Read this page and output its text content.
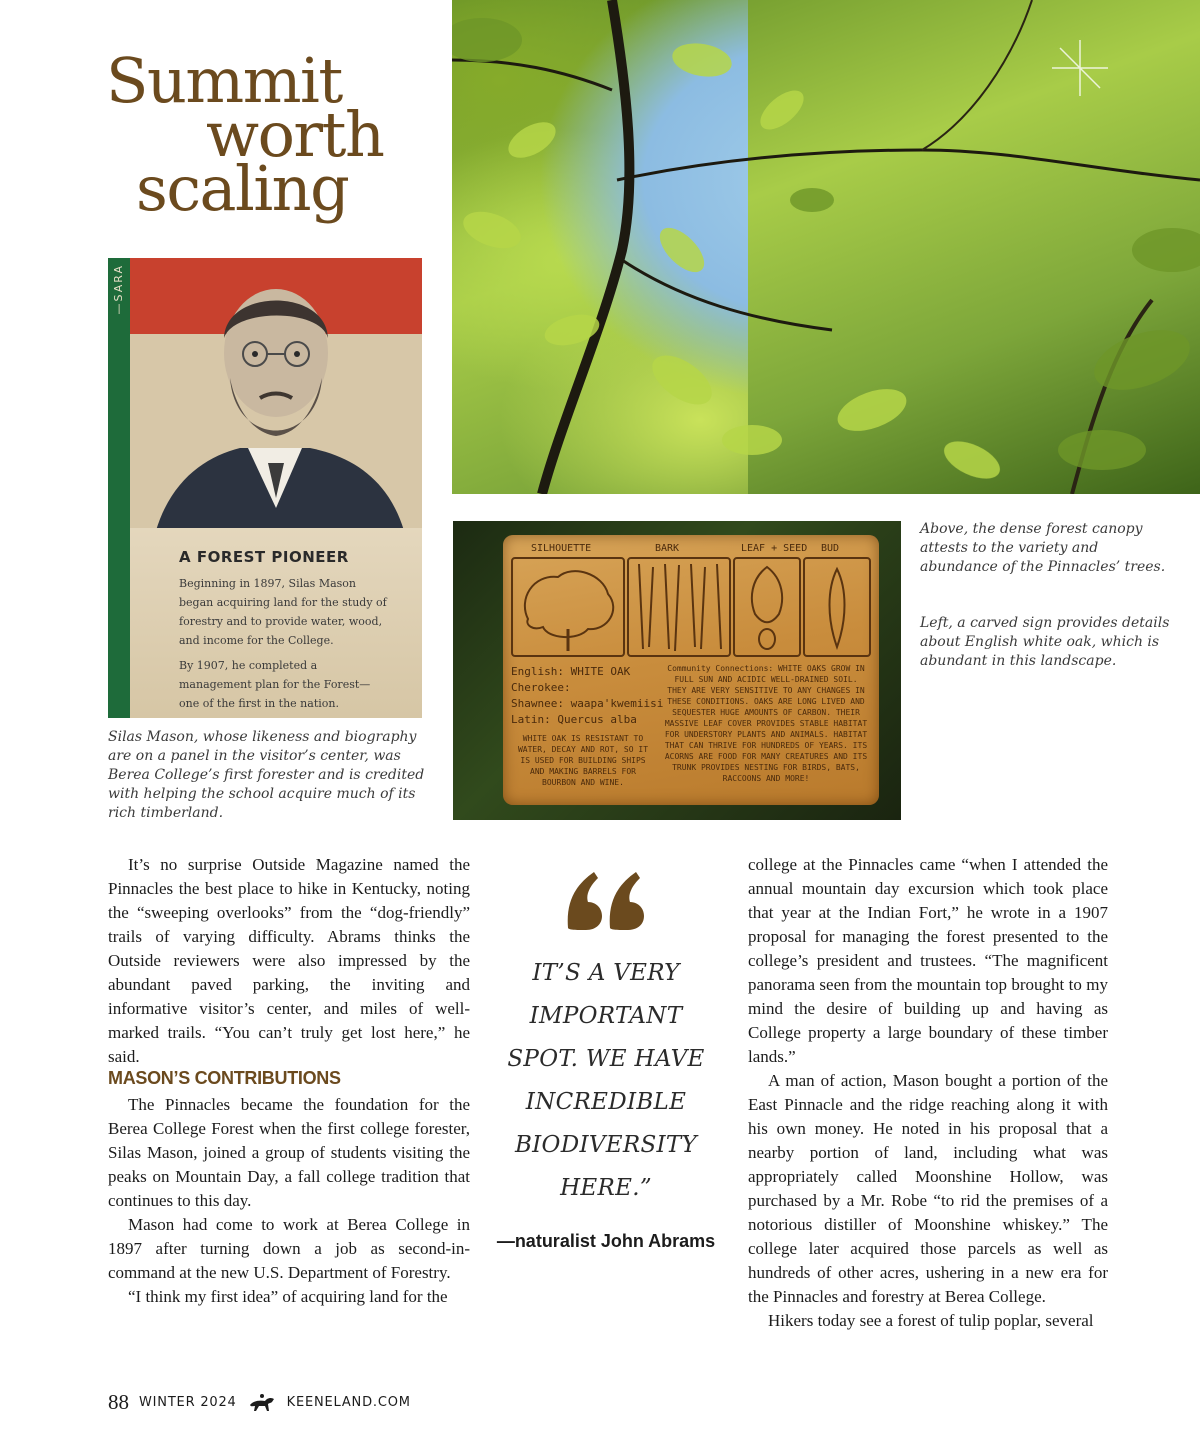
Summit
worth
scaling
—SARA
A FOREST PIONEER

Beginning in 1897, Silas Mason began acquiring land for the study of forestry and to provide water, wood, and income for the College.

By 1907, he completed a management plan for the Forest—one of the first in the nation.

Silas Mason, whose likeness and biography are on a panel in the visitor’s center, was Berea College’s first forester and is credited with helping the school acquire much of its rich timberland.

SILHOUETTE	BARK	LEAF + SEED BUD
English: WHITE OAK
Cherokee:
Shawnee: waapa'kwemiisi
Latin: Quercus alba

WHITE OAK IS RESISTANT TO WATER, DECAY AND ROT, SO IT IS USED FOR BUILDING SHIPS AND MAKING BARRELS FOR BOURBON AND WINE.

Community Connections: WHITE OAKS GROW IN FULL SUN AND ACIDIC WELL-DRAINED SOIL. THEY ARE VERY SENSITIVE TO ANY CHANGES IN THESE CONDITIONS. OAKS ARE LONG LIVED AND SEQUESTER HUGE AMOUNTS OF CARBON. THEIR MASSIVE LEAF COVER PROVIDES STABLE HABITAT FOR UNDERSTORY PLANTS AND ANIMALS. HABITAT THAT CAN THRIVE FOR HUNDREDS OF YEARS. ITS ACORNS ARE FOOD FOR MANY CREATURES AND ITS TRUNK PROVIDES NESTING FOR BIRDS, BATS, RACCOONS AND MORE!

Above, the dense forest canopy attests to the variety and abundance of the Pinnacles’ trees.

Left, a carved sign provides details about English white oak, which is abundant in this landscape.

It’s no surprise Outside Magazine named the Pinnacles the best place to hike in Kentucky, noting the “sweeping overlooks” from the “dog-friendly” trails of varying difficulty. Abrams thinks the Outside reviewers were also impressed by the abundant paved parking, the inviting and informative visitor’s center, and miles of well-marked trails. “You can’t truly get lost here,” he said.

MASON’S CONTRIBUTIONS

The Pinnacles became the foundation for the Berea College Forest when the first college forester, Silas Mason, joined a group of students visiting the peaks on Mountain Day, a fall college tradition that continues to this day.

Mason had come to work at Berea College in 1897 after turning down a job as second-in-command at the new U.S. Department of Forestry.

“I think my first idea” of acquiring land for the

IT’S A VERY IMPORTANT SPOT. WE HAVE INCREDIBLE BIODIVERSITY HERE.”

—naturalist John Abrams

college at the Pinnacles came “when I attended the annual mountain day excursion which took place that year at the Indian Fort,” he wrote in a 1907 proposal for managing the forest presented to the college’s president and trustees. “The magnificent panorama seen from the mountain top brought to my mind the desire of building up and having as College property a large boundary of these timber lands.”

A man of action, Mason bought a portion of the East Pinnacle and the ridge reaching along it with his own money. He noted in his proposal that a nearby portion of land, including what was appropriately called Moonshine Hollow, was purchased by a Mr. Robe “to rid the premises of a notorious distiller of Moonshine whiskey.” The college later acquired those parcels as well as hundreds of other acres, ushering in a new era for the Pinnacles and forestry at Berea College.

Hikers today see a forest of tulip poplar, several

88 WINTER 2024	KEENELAND.COM
